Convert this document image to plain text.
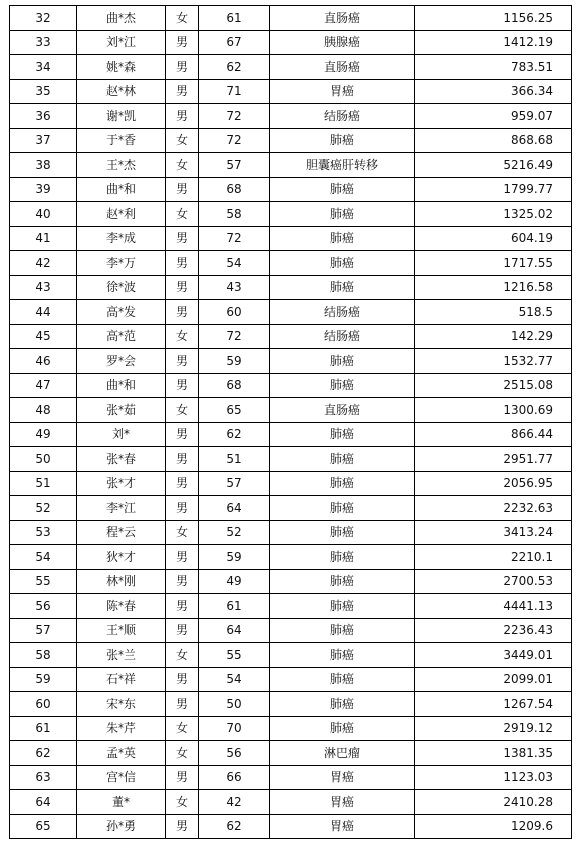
32	曲*杰	女	61	直肠癌	1156.25
33	刘*江	男	67	胰腺癌	1412.19
34	姚*森	男	62	直肠癌	783.51
35	赵*林	男	71	胃癌	366.34
36	谢*凯	男	72	结肠癌	959.07
37	于*香	女	72	肺癌	868.68
38	王*杰	女	57	胆囊癌肝转移	5216.49
39	曲*和	男	68	肺癌	1799.77
40	赵*利	女	58	肺癌	1325.02
41	李*成	男	72	肺癌	604.19
42	李*万	男	54	肺癌	1717.55
43	徐*波	男	43	肺癌	1216.58
44	高*发	男	60	结肠癌	518.5
45	高*范	女	72	结肠癌	142.29
46	罗*会	男	59	肺癌	1532.77
47	曲*和	男	68	肺癌	2515.08
48	张*茹	女	65	直肠癌	1300.69
49	刘*	男	62	肺癌	866.44
50	张*春	男	51	肺癌	2951.77
51	张*才	男	57	肺癌	2056.95
52	李*江	男	64	肺癌	2232.63
53	程*云	女	52	肺癌	3413.24
54	狄*才	男	59	肺癌	2210.1
55	林*刚	男	49	肺癌	2700.53
56	陈*春	男	61	肺癌	4441.13
57	王*顺	男	64	肺癌	2236.43
58	张*兰	女	55	肺癌	3449.01
59	石*祥	男	54	肺癌	2099.01
60	宋*东	男	50	肺癌	1267.54
61	朱*芹	女	70	肺癌	2919.12
62	孟*英	女	56	淋巴瘤	1381.35
63	宫*信	男	66	胃癌	1123.03
64	董*	女	42	胃癌	2410.28
65	孙*勇	男	62	胃癌	1209.6
